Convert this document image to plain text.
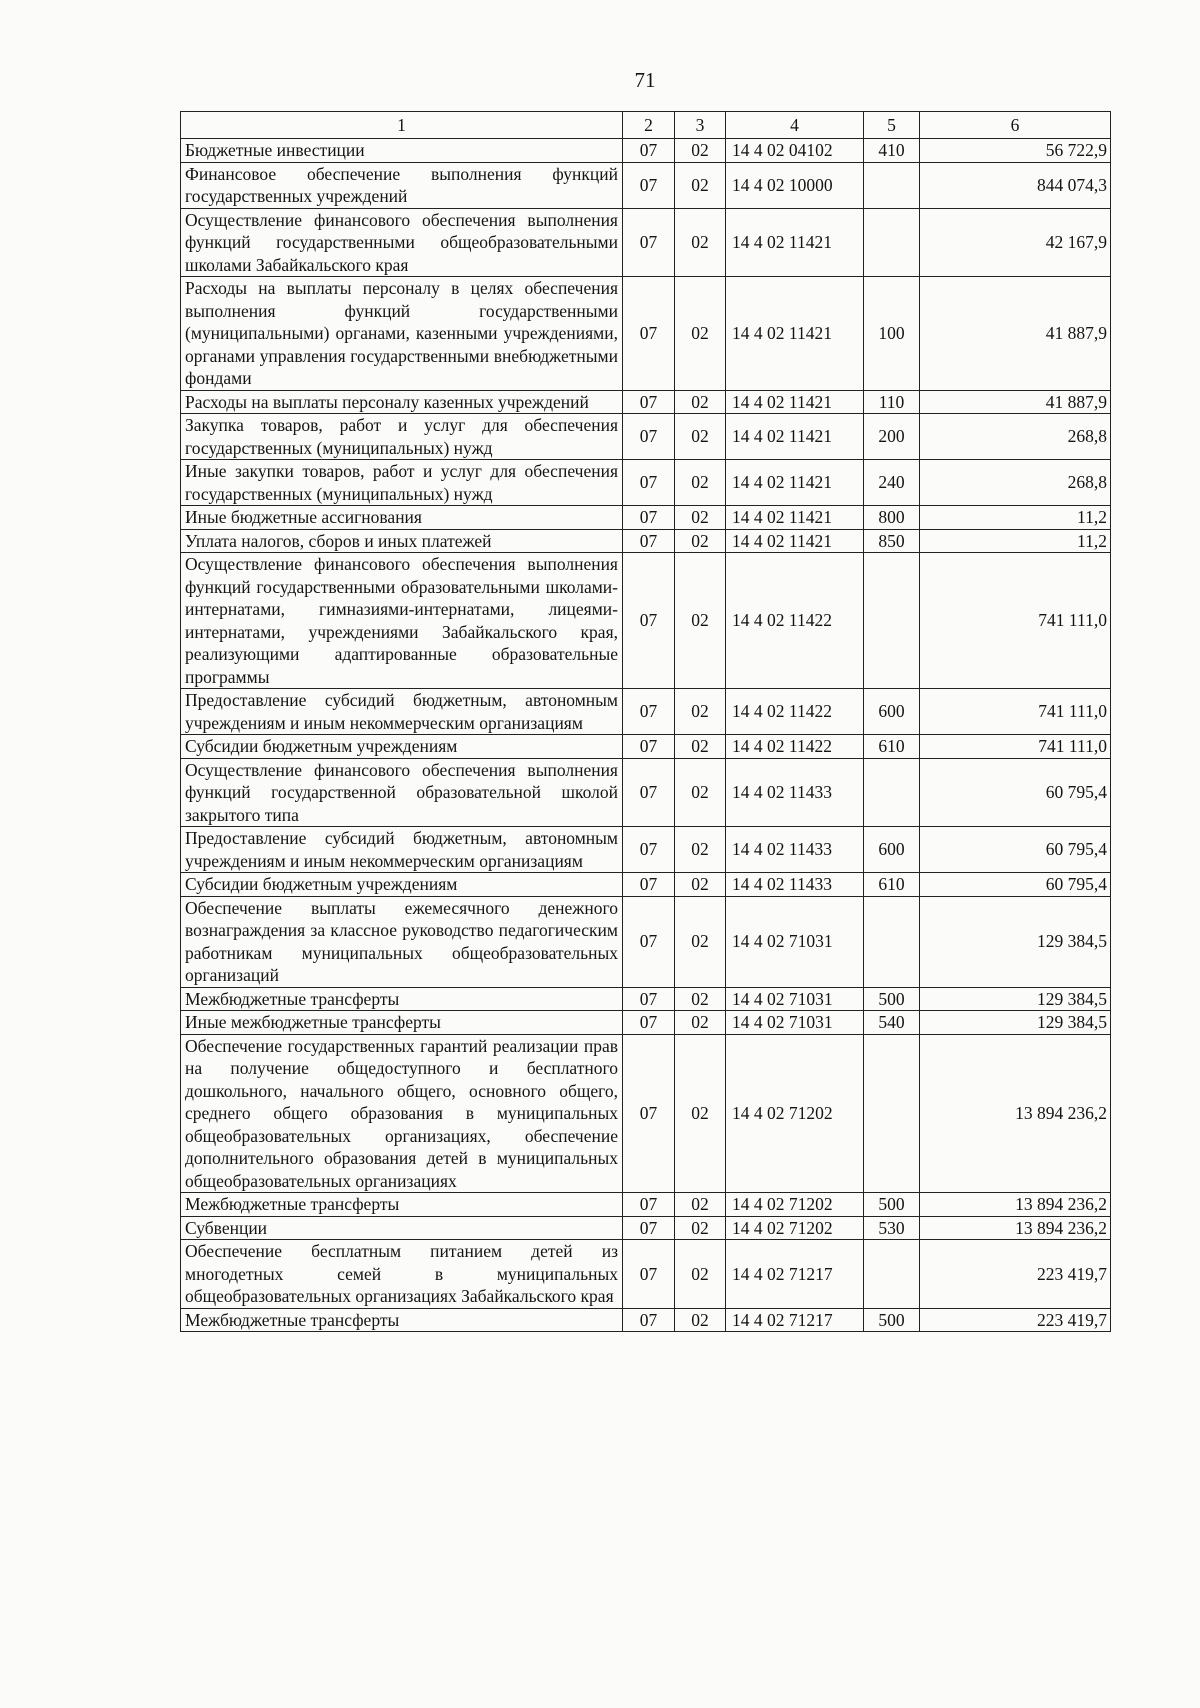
71
1	2	3	4	5	6
Бюджетные инвестиции	07	02	14 4 02 04102	410	56 722,9
Финансовое обеспечение выполнения функций государственных учреждений	07	02	14 4 02 10000		844 074,3
Осуществление финансового обеспечения выполнения функций государственными общеобразовательными школами Забайкальского края	07	02	14 4 02 11421		42 167,9
Расходы на выплаты персоналу в целях обеспечения выполнения функций государственными (муниципальными) органами, казенными учреждениями, органами управления государственными внебюджетными фондами	07	02	14 4 02 11421	100	41 887,9
Расходы на выплаты персоналу казенных учреждений	07	02	14 4 02 11421	110	41 887,9
Закупка товаров, работ и услуг для обеспечения государственных (муниципальных) нужд	07	02	14 4 02 11421	200	268,8
Иные закупки товаров, работ и услуг для обеспечения государственных (муниципальных) нужд	07	02	14 4 02 11421	240	268,8
Иные бюджетные ассигнования	07	02	14 4 02 11421	800	11,2
Уплата налогов, сборов и иных платежей	07	02	14 4 02 11421	850	11,2
Осуществление финансового обеспечения выполнения функций государственными образовательными школами-интернатами, гимназиями-интернатами, лицеями-интернатами, учреждениями Забайкальского края, реализующими адаптированные образовательные программы	07	02	14 4 02 11422		741 111,0
Предоставление субсидий бюджетным, автономным учреждениям и иным некоммерческим организациям	07	02	14 4 02 11422	600	741 111,0
Субсидии бюджетным учреждениям	07	02	14 4 02 11422	610	741 111,0
Осуществление финансового обеспечения выполнения функций государственной образовательной школой закрытого типа	07	02	14 4 02 11433		60 795,4
Предоставление субсидий бюджетным, автономным учреждениям и иным некоммерческим организациям	07	02	14 4 02 11433	600	60 795,4
Субсидии бюджетным учреждениям	07	02	14 4 02 11433	610	60 795,4
Обеспечение выплаты ежемесячного денежного вознаграждения за классное руководство педагогическим работникам муниципальных общеобразовательных организаций	07	02	14 4 02 71031		129 384,5
Межбюджетные трансферты	07	02	14 4 02 71031	500	129 384,5
Иные межбюджетные трансферты	07	02	14 4 02 71031	540	129 384,5
Обеспечение государственных гарантий реализации прав на получение общедоступного и бесплатного дошкольного, начального общего, основного общего, среднего общего образования в муниципальных общеобразовательных организациях, обеспечение дополнительного образования детей в муниципальных общеобразовательных организациях	07	02	14 4 02 71202		13 894 236,2
Межбюджетные трансферты	07	02	14 4 02 71202	500	13 894 236,2
Субвенции	07	02	14 4 02 71202	530	13 894 236,2
Обеспечение бесплатным питанием детей из многодетных семей в муниципальных общеобразовательных организациях Забайкальского края	07	02	14 4 02 71217		223 419,7
Межбюджетные трансферты	07	02	14 4 02 71217	500	223 419,7
